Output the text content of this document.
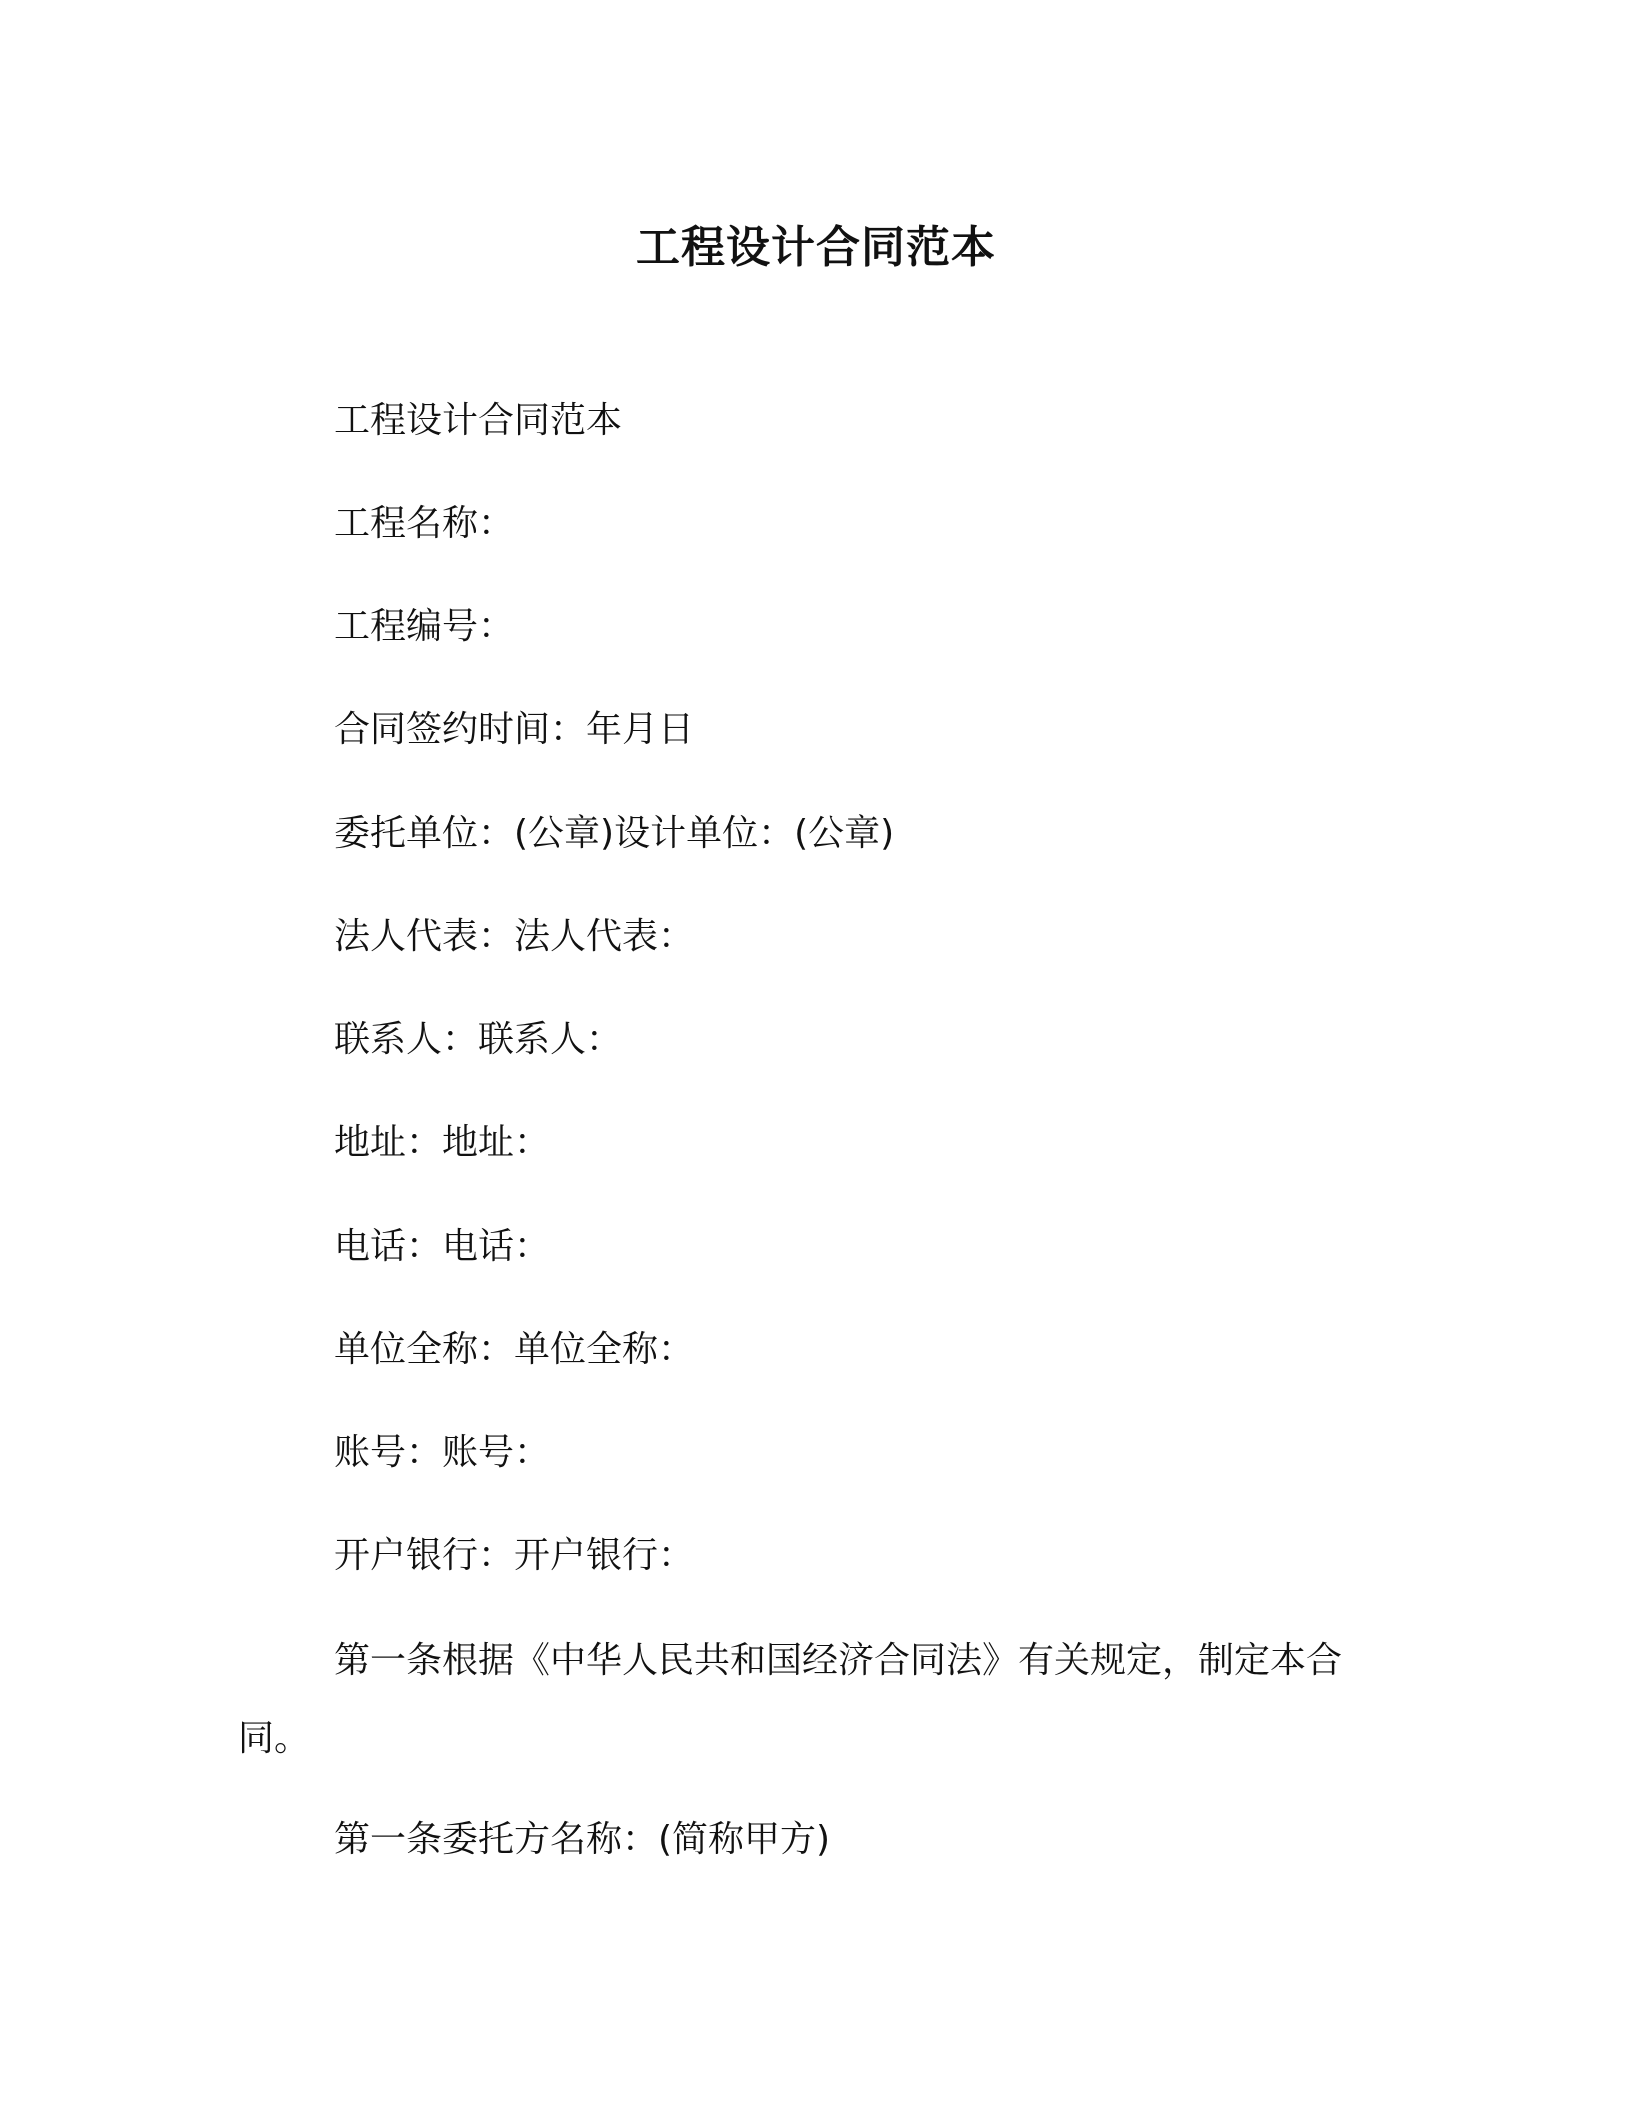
工程设计合同范本
工程设计合同范本
工程名称：
工程编号：
合同签约时间：年月日
委托单位：(公章)设计单位：(公章)
法人代表：法人代表：
联系人：联系人：
地址：地址：
电话：电话：
单位全称：单位全称：
账号：账号：
开户银行：开户银行：
第一条根据《中华人民共和国经济合同法》有关规定，制定本合同。
第一条委托方名称：(简称甲方)
